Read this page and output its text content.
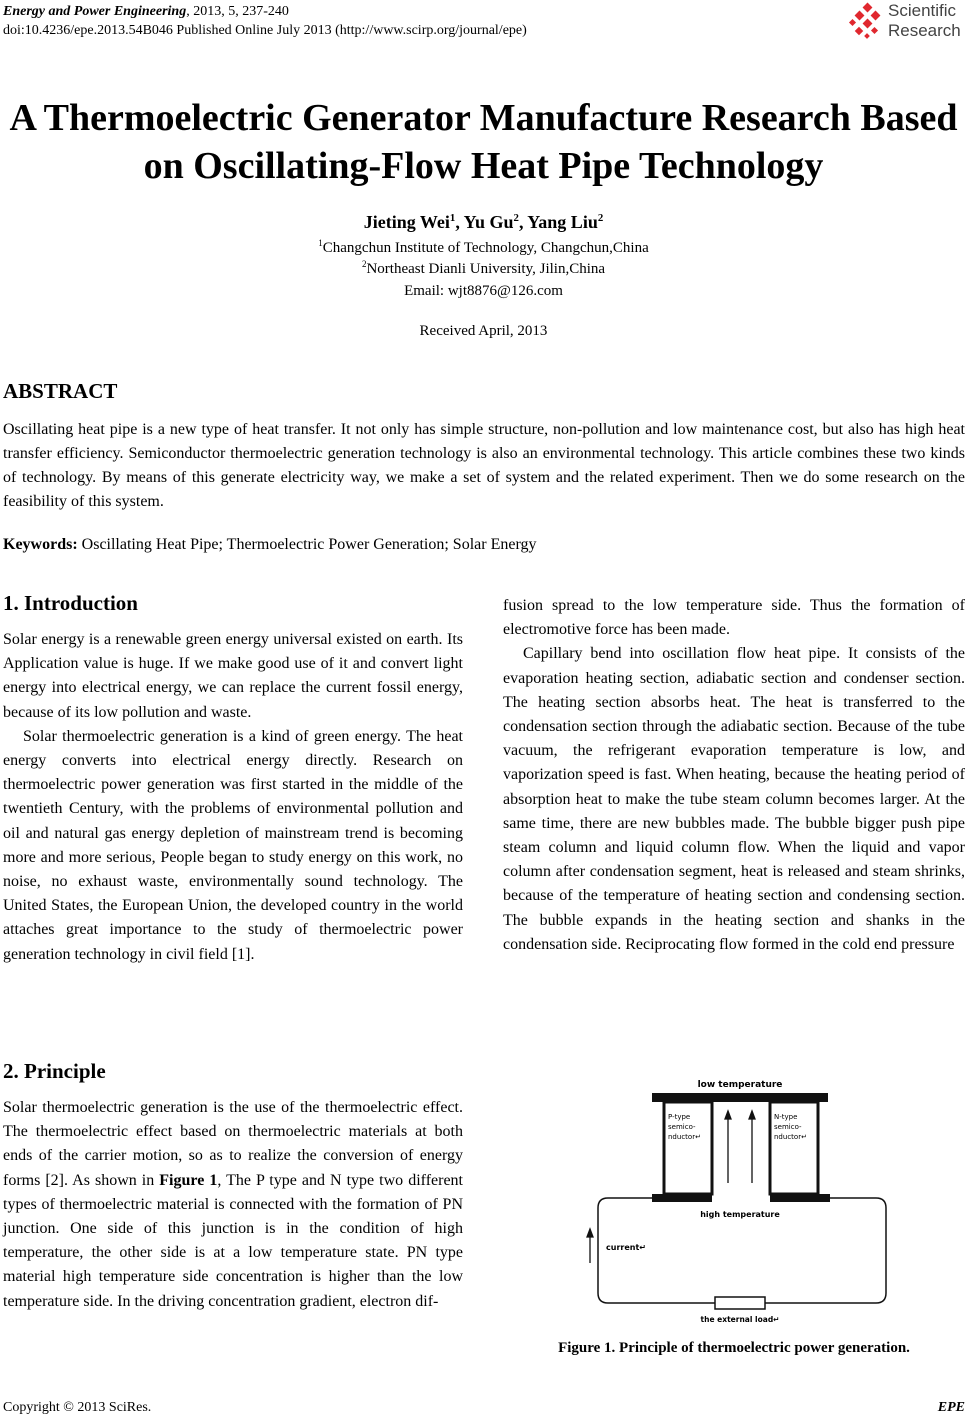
Energy and Power Engineering, 2013, 5, 237-240
doi:10.4236/epe.2013.54B046 Published Online July 2013 (http://www.scirp.org/journal/epe)
Scientific
Research
A Thermoelectric Generator Manufacture Research Based
on Oscillating-Flow Heat Pipe Technology
Jieting Wei$^1$, Yu Gu$^2$, Yang Liu$^2$
$^1$Changchun Institute of Technology, Changchun,China
$^2$Northeast Dianli University, Jilin,China
Email: wjt8876@126.com
Received April, 2013
ABSTRACT
Oscillating heat pipe is a new type of heat transfer. It not only has simple structure, non-pollution and low maintenance cost, but also has high heat transfer efficiency. Semiconductor thermoelectric generation technology is also an environmental technology. This article combines these two kinds of technology. By means of this generate electricity way, we make a set of system and the related experiment. Then we do some research on the feasibility of this system.
Keywords: Oscillating Heat Pipe; Thermoelectric Power Generation; Solar Energy
1. Introduction

Solar energy is a renewable green energy universal existed on earth. Its Application value is huge. If we make good use of it and convert light energy into electrical energy, we can replace the current fossil energy, because of its low pollution and waste.

Solar thermoelectric generation is a kind of green energy. The heat energy converts into electrical energy directly. Research on thermoelectric power generation was first started in the middle of the twentieth Century, with the problems of environmental pollution and oil and natural gas energy depletion of mainstream trend is becoming more and more serious, People began to study energy on this work, no noise, no exhaust waste, environmentally sound technology. The United States, the European Union, the developed country in the world attaches great importance to the study of thermoelectric power generation technology in civil field [1].

2. Principle

Solar thermoelectric generation is the use of the thermoelectric effect. The thermoelectric effect based on thermoelectric materials at both ends of the carrier motion, so as to realize the conversion of energy forms [2]. As shown in Figure 1, The P type and N type two different types of thermoelectric material is connected with the formation of PN junction. One side of this junction is in the condition of high temperature, the other side is at a low temperature state. PN type material high temperature side concentration is higher than the low temperature side. In the driving concentration gradient, electron dif-

fusion spread to the low temperature side. Thus the formation of electromotive force has been made.

Capillary bend into oscillation flow heat pipe. It consists of the evaporation heating section, adiabatic section and condenser section. The heating section absorbs heat. The heat is transferred to the condensation section through the adiabatic section. Because of the tube vacuum, the refrigerant evaporation temperature is low, and vaporization speed is fast. When heating, because the heating period of absorption heat to make the tube steam column becomes larger. At the same time, there are new bubbles made. The bubble bigger push pipe steam column and liquid column flow. When the liquid and vapor column after condensation segment, heat is released and steam shrinks, because of the temperature of heating section and condensing section. The bubble expands in the heating section and shanks in the condensation side. Reciprocating flow formed in the cold end pressure

low temperature
P-type
semico-
nductor↵
N-type
semico-
nductor↵
high temperature
current↵
the external load↵
Figure 1. Principle of thermoelectric power generation.
Copyright © 2013 SciRes.	EPE
